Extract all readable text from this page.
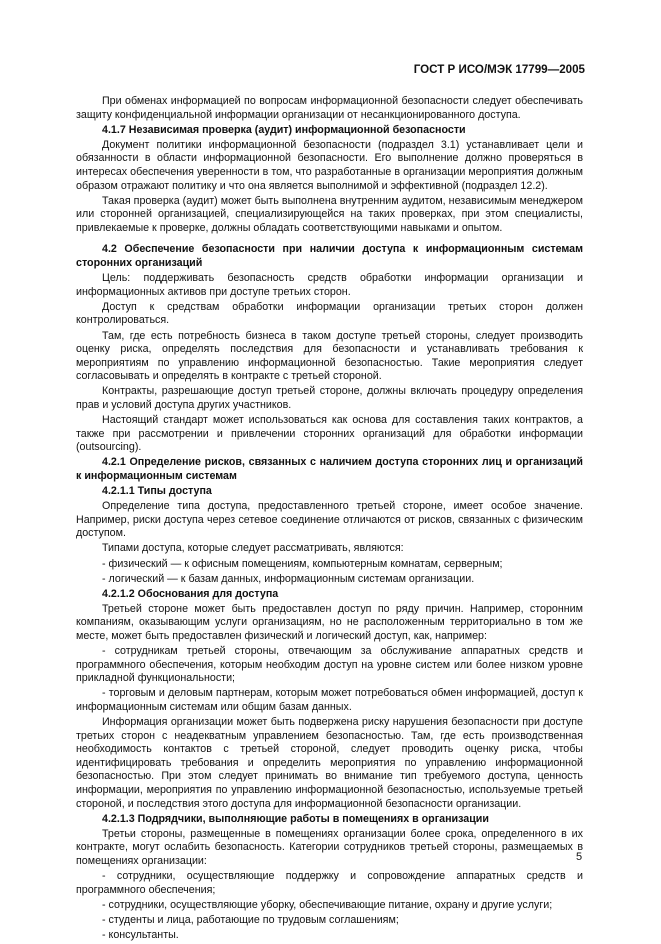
ГОСТ Р ИСО/МЭК 17799—2005

При обменах информацией по вопросам информационной безопасности следует обеспечивать защиту конфиденциальной информации организации от несанкционированного доступа.

4.1.7 Независимая проверка (аудит) информационной безопасности

Документ политики информационной безопасности (подраздел 3.1) устанавливает цели и обязанности в области информационной безопасности. Его выполнение должно проверяться в интересах обеспечения уверенности в том, что разработанные в организации мероприятия должным образом отражают политику и что она является выполнимой и эффективной (подраздел 12.2).

Такая проверка (аудит) может быть выполнена внутренним аудитом, независимым менеджером или сторонней организацией, специализирующейся на таких проверках, при этом специалисты, привлекаемые к проверке, должны обладать соответствующими навыками и опытом.

4.2 Обеспечение безопасности при наличии доступа к информационным системам сторонних организаций

Цель: поддерживать безопасность средств обработки информации организации и информационных активов при доступе третьих сторон.

Доступ к средствам обработки информации организации третьих сторон должен контролироваться.

Там, где есть потребность бизнеса в таком доступе третьей стороны, следует производить оценку риска, определять последствия для безопасности и устанавливать требования к мероприятиям по управлению информационной безопасностью. Такие мероприятия следует согласовывать и определять в контракте с третьей стороной.

Контракты, разрешающие доступ третьей стороне, должны включать процедуру определения прав и условий доступа других участников.

Настоящий стандарт может использоваться как основа для составления таких контрактов, а также при рассмотрении и привлечении сторонних организаций для обработки информации (outsourcing).

4.2.1 Определение рисков, связанных с наличием доступа сторонних лиц и организаций к информационным системам

4.2.1.1 Типы доступа

Определение типа доступа, предоставленного третьей стороне, имеет особое значение. Например, риски доступа через сетевое соединение отличаются от рисков, связанных с физическим доступом.

Типами доступа, которые следует рассматривать, являются:

- физический — к офисным помещениям, компьютерным комнатам, серверным;

- логический — к базам данных, информационным системам организации.

4.2.1.2 Обоснования для доступа

Третьей стороне может быть предоставлен доступ по ряду причин. Например, сторонним компаниям, оказывающим услуги организациям, но не расположенным территориально в том же месте, может быть предоставлен физический и логический доступ, как, например:

- сотрудникам третьей стороны, отвечающим за обслуживание аппаратных средств и программного обеспечения, которым необходим доступ на уровне систем или более низком уровне прикладной функциональности;

- торговым и деловым партнерам, которым может потребоваться обмен информацией, доступ к информационным системам или общим базам данных.

Информация организации может быть подвержена риску нарушения безопасности при доступе третьих сторон с неадекватным управлением безопасностью. Там, где есть производственная необходимость контактов с третьей стороной, следует проводить оценку риска, чтобы идентифицировать требования и определить мероприятия по управлению информационной безопасностью. При этом следует принимать во внимание тип требуемого доступа, ценность информации, мероприятия по управлению информационной безопасностью, используемые третьей стороной, и последствия этого доступа для информационной безопасности организации.

4.2.1.3 Подрядчики, выполняющие работы в помещениях в организации

Третьи стороны, размещенные в помещениях организации более срока, определенного в их контракте, могут ослабить безопасность. Категории сотрудников третьей стороны, размещаемых в помещениях организации:

- сотрудники, осуществляющие поддержку и сопровождение аппаратных средств и программного обеспечения;

- сотрудники, осуществляющие уборку, обеспечивающие питание, охрану и другие услуги;

- студенты и лица, работающие по трудовым соглашениям;

- консультанты.

5
